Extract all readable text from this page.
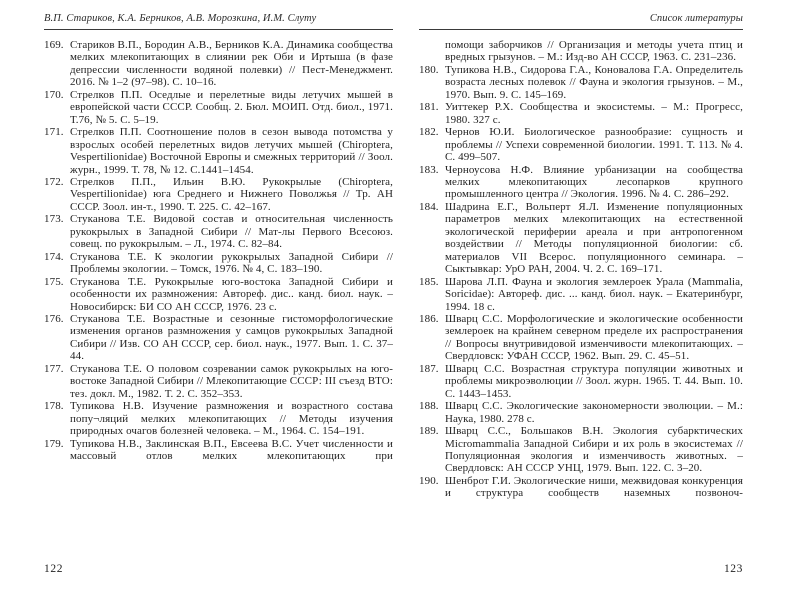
В.П. Стариков, К.А. Берников, А.В. Морозкина, И.М. Слуту
169. Стариков В.П., Бородин А.В., Берников К.А. Динамика сообщества мелких млекопитающих в слиянии рек Оби и Иртыша (в фазе депрессии численности водяной полевки) // Пест-Менеджмент. 2016. № 1–2 (97–98). С. 10–16.
170. Стрелков П.П. Оседлые и перелетные виды летучих мышей в европейской части СССР. Сообщ. 2. Бюл. МОИП. Отд. биол., 1971. Т.76, № 5. С. 5–19.
171. Стрелков П.П. Соотношение полов в сезон вывода потомства у взрослых особей перелетных видов летучих мышей (Chiroptera, Vespertilionidae) Восточной Европы и смежных территорий // Зоол. журн., 1999. Т. 78, № 12. С.1441–1454.
172. Стрелков П.П., Ильин В.Ю. Рукокрылые (Chiroptera, Vespertilionidae) юга Среднего и Нижнего Поволжья // Тр. АН СССР. Зоол. ин-т., 1990. Т. 225. С. 42–167.
173. Стуканова Т.Е. Видовой состав и относительная численность рукокрылых в Западной Сибири // Мат-лы Первого Всесоюз. совещ. по рукокрылым. – Л., 1974. С. 82–84.
174. Стуканова Т.Е. К экологии рукокрылых Западной Сибири // Проблемы экологии. – Томск, 1976. № 4, С. 183–190.
175. Стуканова Т.Е. Рукокрылые юго-востока Западной Сибири и особенности их размножения: Автореф. дис.. канд. биол. наук. – Новосибирск: БИ СО АН СССР, 1976. 23 с.
176. Стуканова Т.Е. Возрастные и сезонные гистоморфологические изменения органов размножения у самцов рукокрылых Западной Сибири // Изв. СО АН СССР, сер. биол. наук., 1977. Вып. 1. С. 37–44.
177. Стуканова Т.Е. О половом созревании самок рукокрылых на юго-востоке Западной Сибири // Млекопитающие СССР: III съезд ВТО: тез. докл. М., 1982. Т. 2. С. 352–353.
178. Тупикова Н.В. Изучение размножения и возрастного состава попу¬ляций мелких млекопитающих // Методы изучения природных очагов болезней человека. – М., 1964. С. 154–191.
179. Тупикова Н.В., Заклинская В.П., Евсеева В.С. Учет численности и массовый отлов мелких млекопитающих при
122
Список литературы
помощи заборчиков // Организация и методы учета птиц и вредных грызунов. – М.: Изд-во АН СССР, 1963. С. 231–236.
180. Тупикова Н.В., Сидорова Г.А., Коновалова Г.А. Определитель возраста лесных полевок // Фауна и экология грызунов. – М., 1970. Вып. 9. С. 145–169.
181. Уиттекер Р.Х. Сообщества и экосистемы. – М.: Прогресс, 1980. 327 с.
182. Чернов Ю.И. Биологическое разнообразие: сущность и проблемы // Успехи современной биологии. 1991. Т. 113. № 4. С. 499–507.
183. Черноусова Н.Ф. Влияние урбанизации на сообщества мелких млекопитающих лесопарков крупного промышленного центра // Экология. 1996. № 4. С. 286–292.
184. Шадрина Е.Г., Вольперт Я.Л. Изменение популяционных параметров мелких млекопитающих на естественной экологической периферии ареала и при антропогенном воздействии // Методы популяционной биологии: сб. материалов VII Всерос. популяционного семинара. – Сыктывкар: УрО РАН, 2004. Ч. 2. С. 169–171.
185. Шарова Л.П. Фауна и экология землероек Урала (Mammalia, Soricidae): Автореф. дис. ... канд. биол. наук. – Екатеринбург, 1994. 18 с.
186. Шварц С.С. Морфологические и экологические особенности землероек на крайнем северном пределе их распространения // Вопросы внутривидовой изменчивости млекопитающих. – Свердловск: УФАН СССР, 1962. Вып. 29. С. 45–51.
187. Шварц С.С. Возрастная структура популяции животных и проблемы микроэволюции // Зоол. журн. 1965. Т. 44. Вып. 10. С. 1443–1453.
188. Шварц С.С. Экологические закономерности эволюции. – М.: Наука, 1980. 278 с.
189. Шварц С.С., Большаков В.Н. Экология субарктических Micromammalia Западной Сибири и их роль в экосистемах // Популяционная экология и изменчивость животных. – Свердловск: АН СССР УНЦ, 1979. Вып. 122. С. 3–20.
190. Шенброт Г.И. Экологические ниши, межвидовая конкуренция и структура сообществ наземных позвоноч-
123
